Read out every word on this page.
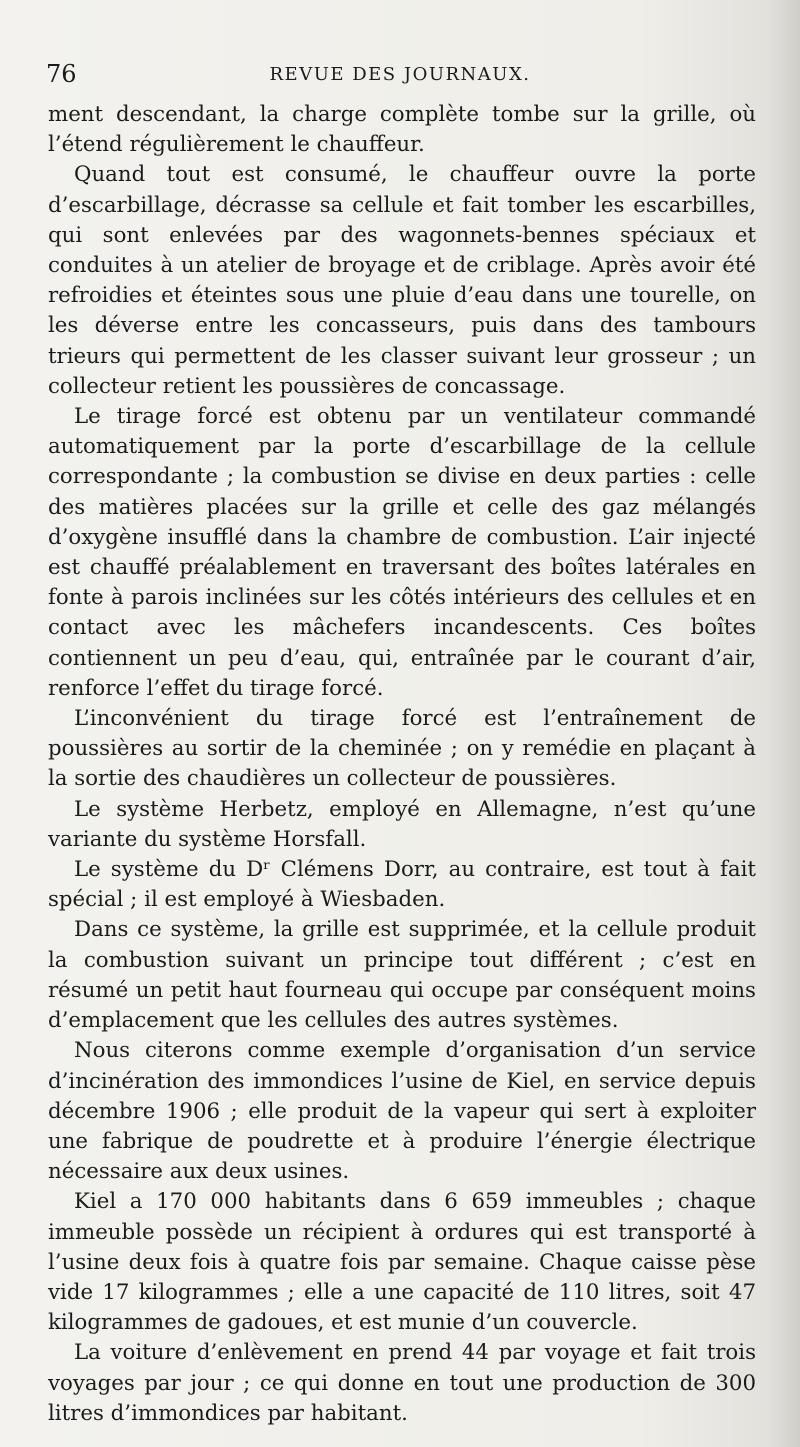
76	REVUE DES JOURNAUX.

ment descendant, la charge complète tombe sur la grille, où l’étend régulièrement le chauffeur.

Quand tout est consumé, le chauffeur ouvre la porte d’escarbillage, décrasse sa cellule et fait tomber les escarbilles, qui sont enlevées par des wagonnets-bennes spéciaux et conduites à un atelier de broyage et de criblage. Après avoir été refroidies et éteintes sous une pluie d’eau dans une tourelle, on les déverse entre les concasseurs, puis dans des tambours trieurs qui permettent de les classer suivant leur grosseur ; un collecteur retient les poussières de concassage.

Le tirage forcé est obtenu par un ventilateur commandé automatiquement par la porte d’escarbillage de la cellule correspondante ; la combustion se divise en deux parties : celle des matières placées sur la grille et celle des gaz mélangés d’oxygène insufflé dans la chambre de combustion. L’air injecté est chauffé préalablement en traversant des boîtes latérales en fonte à parois inclinées sur les côtés intérieurs des cellules et en contact avec les mâchefers incandescents. Ces boîtes contiennent un peu d’eau, qui, entraînée par le courant d’air, renforce l’effet du tirage forcé.

L’inconvénient du tirage forcé est l’entraînement de poussières au sortir de la cheminée ; on y remédie en plaçant à la sortie des chaudières un collecteur de poussières.

Le système Herbetz, employé en Allemagne, n’est qu’une variante du système Horsfall.

Le système du Dʳ Clémens Dorr, au contraire, est tout à fait spécial ; il est employé à Wiesbaden.

Dans ce système, la grille est supprimée, et la cellule produit la combustion suivant un principe tout différent ; c’est en résumé un petit haut fourneau qui occupe par conséquent moins d’emplacement que les cellules des autres systèmes.

Nous citerons comme exemple d’organisation d’un service d’incinération des immondices l’usine de Kiel, en service depuis décembre 1906 ; elle produit de la vapeur qui sert à exploiter une fabrique de poudrette et à produire l’énergie électrique nécessaire aux deux usines.

Kiel a 170 000 habitants dans 6 659 immeubles ; chaque immeuble possède un récipient à ordures qui est transporté à l’usine deux fois à quatre fois par semaine. Chaque caisse pèse vide 17 kilogrammes ; elle a une capacité de 110 litres, soit 47 kilogrammes de gadoues, et est munie d’un couvercle.

La voiture d’enlèvement en prend 44 par voyage et fait trois voyages par jour ; ce qui donne en tout une production de 300 litres d’immondices par habitant.
